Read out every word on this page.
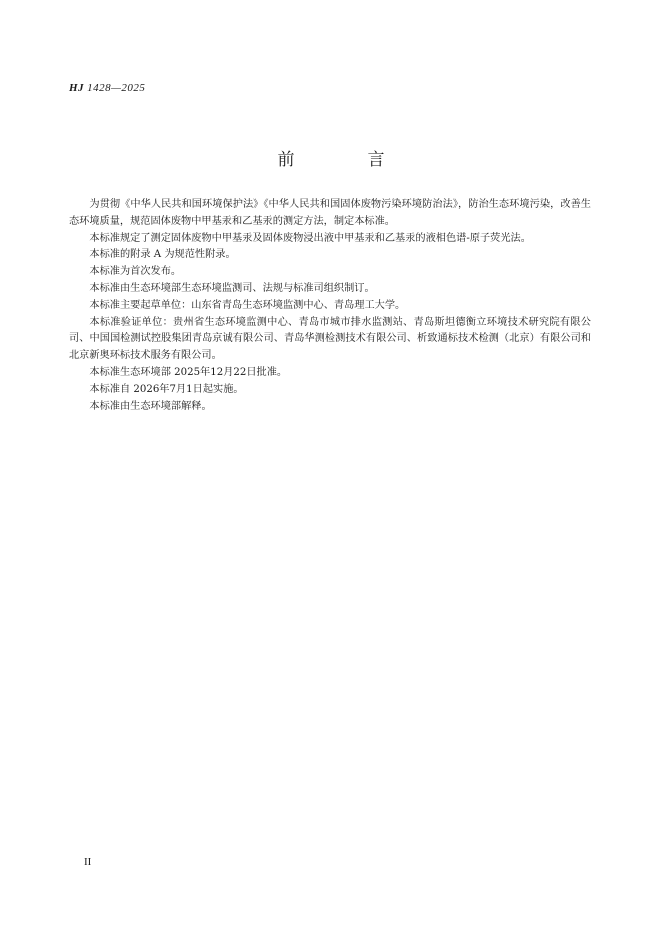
HJ 1428—2025
前　言

为贯彻《中华人民共和国环境保护法》《中华人民共和国固体废物污染环境防治法》，防治生态环境污染，改善生态环境质量，规范固体废物中甲基汞和乙基汞的测定方法，制定本标准。

本标准规定了测定固体废物中甲基汞及固体废物浸出液中甲基汞和乙基汞的液相色谱-原子荧光法。

本标准的附录 A 为规范性附录。

本标准为首次发布。

本标准由生态环境部生态环境监测司、法规与标准司组织制订。

本标准主要起草单位：山东省青岛生态环境监测中心、青岛理工大学。

本标准验证单位：贵州省生态环境监测中心、青岛市城市排水监测站、青岛斯坦德衡立环境技术研究院有限公司、中国国检测试控股集团青岛京诚有限公司、青岛华测检测技术有限公司、析致通标技术检测（北京）有限公司和北京新奥环标技术服务有限公司。

本标准生态环境部 2025年12月22日批准。

本标准自 2026年7月1日起实施。

本标准由生态环境部解释。

II
